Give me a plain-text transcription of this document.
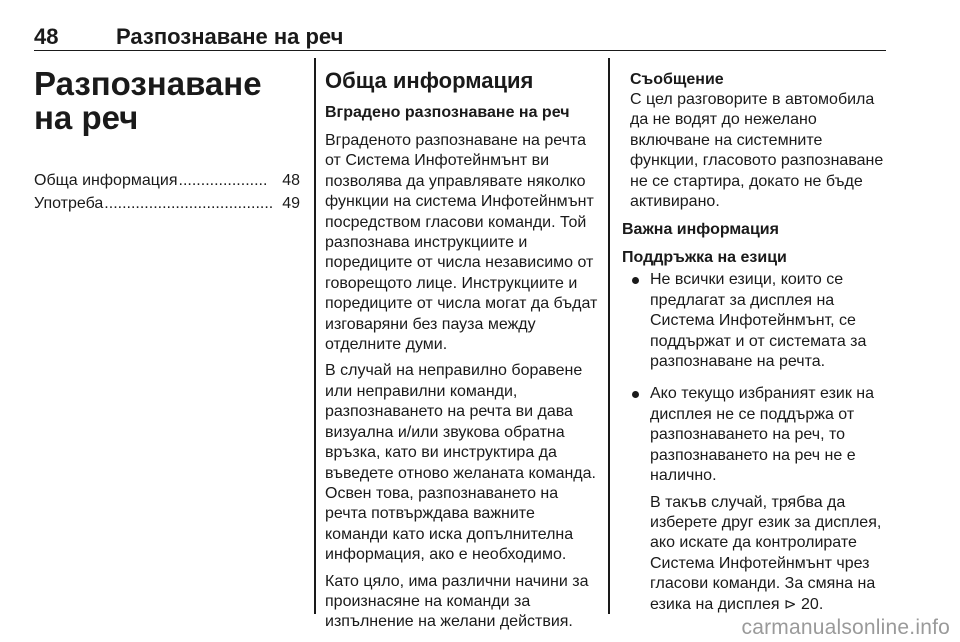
48	Разпознаване на реч
Разпознаване на реч
Обща информация .................... 48
Употреба ...................................... 49
Обща информация
Вградено разпознаване на реч

Вграденото разпознаване на речта от Система Инфотейнмънт ви позволява да управлявате няколко функции на система Инфотейнмънт посредством гласови команди. Той разпознава инструкциите и поредиците от числа независимо от говорещото лице. Инструкциите и поредиците от числа могат да бъдат изговаряни без пауза между отделните думи.

В случай на неправилно боравене или неправилни команди, разпознаването на речта ви дава визуална и/или звукова обратна връзка, като ви инструктира да въведете отново желаната команда. Освен това, разпознаването на речта потвърждава важните команди като иска допълнителна информация, ако е необходимо.

Като цяло, има различни начини за произнасяне на команди за изпълнение на желани действия.

Съобщение
С цел разговорите в автомобила да не водят до нежелано включване на системните функции, гласовото разпознаване не се стартира, докато не бъде активирано.
Важна информация
Поддръжка на езици
Не всички езици, които се предлагат за дисплея на Система Инфотейнмънт, се поддържат и от системата за разпознаване на речта.
Ако текущо избраният език на дисплея не се поддържа от разпознаването на реч, то разпознаването на реч не е налично.

В такъв случай, трябва да изберете друг език за дисплея, ако искате да контролирате Система Инфотейнмънт чрез гласови команди. За смяна на езика на дисплея ⊳ 20.

carmanualsonline.info
